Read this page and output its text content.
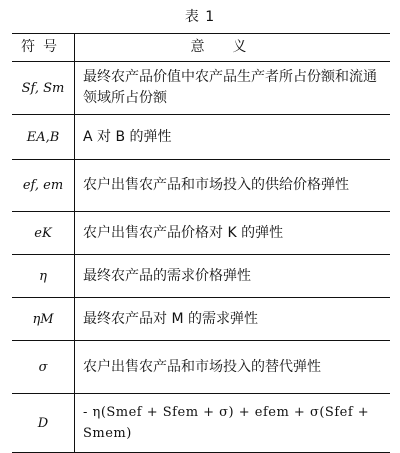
表 1
符号	意义
Sf, Sm	最终农产品价值中农产品生产者所占份额和流通领域所占份额
EA,B	A 对 B 的弹性
ef, em	农户出售农产品和市场投入的供给价格弹性
eK	农户出售农产品价格对 K 的弹性
η	最终农产品的需求价格弹性
ηM	最终农产品对 M 的需求弹性
σ	农户出售农产品和市场投入的替代弹性
D	- η(Smef + Sfem + σ) + efem + σ(Sfef + Smem)
